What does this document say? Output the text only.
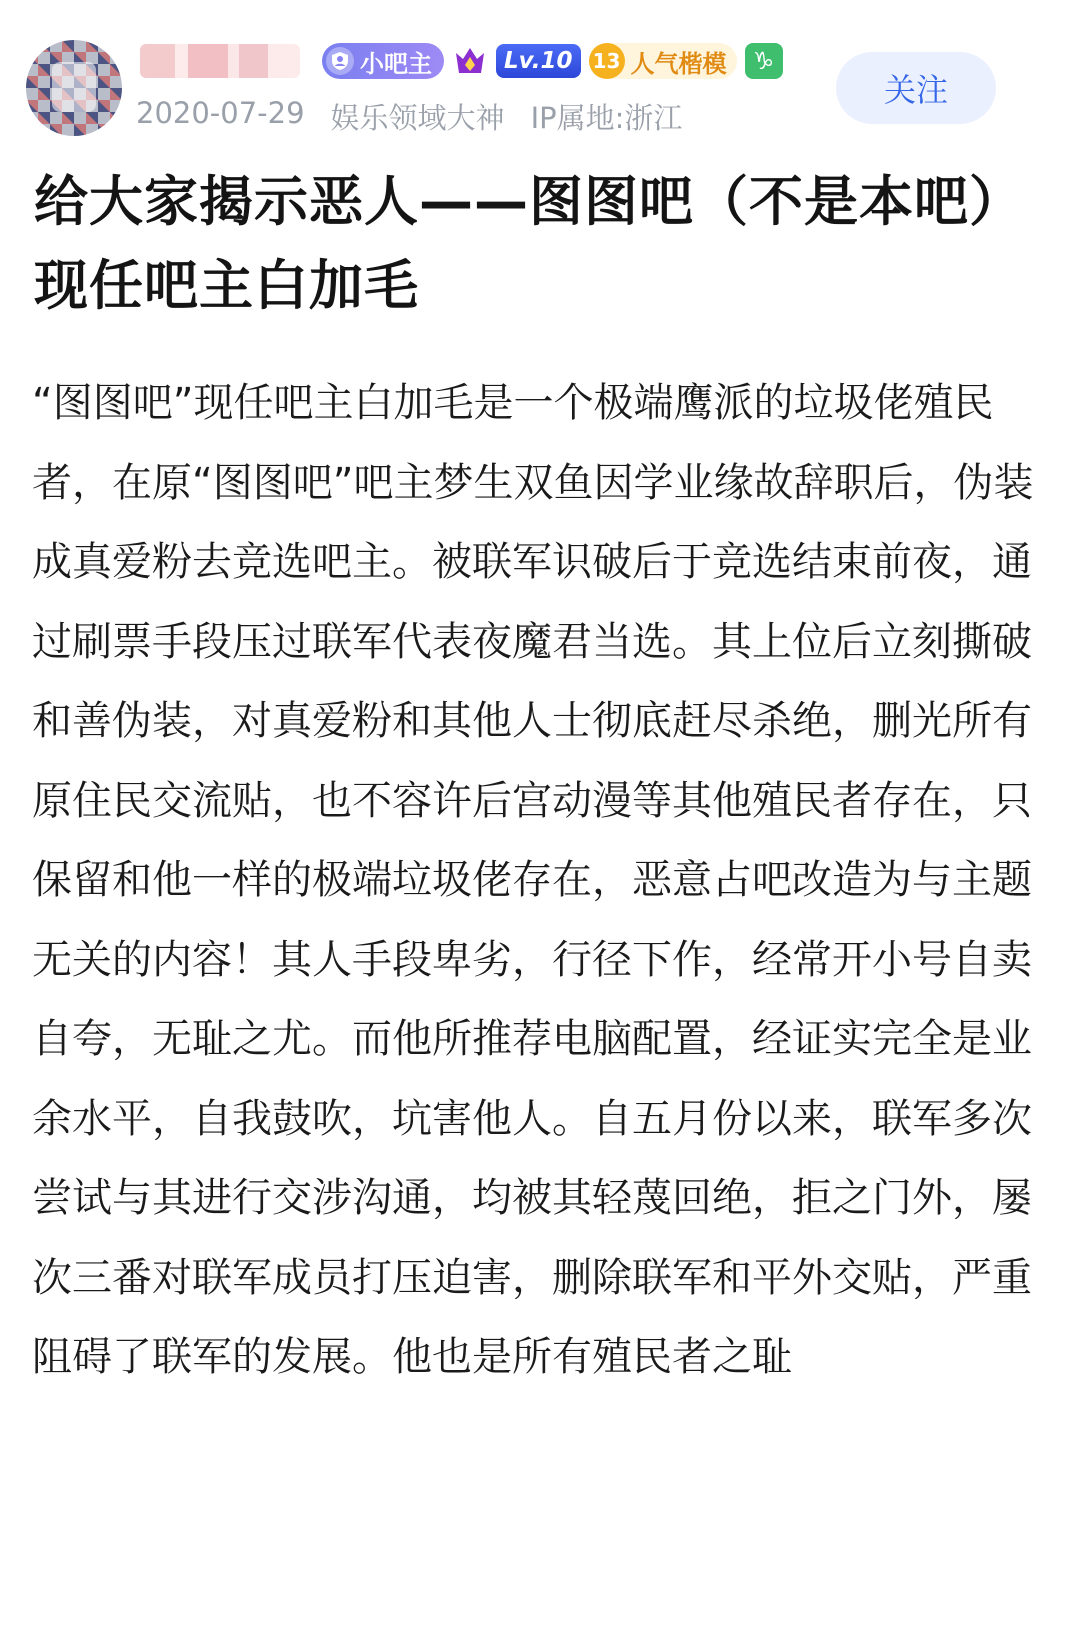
小吧主	Lv.10	13 人气楷模	♑
2020-07-29 娱乐领域大神 IP属地:浙江
关注
给大家揭示恶人——图图吧（不是本吧）现任吧主白加毛

“图图吧”现任吧主白加毛是一个极端鹰派的垃圾佬殖民者，在原“图图吧”吧主梦生双鱼因学业缘故辞职后，伪装成真爱粉去竞选吧主。被联军识破后于竞选结束前夜，通过刷票手段压过联军代表夜魔君当选。其上位后立刻撕破和善伪装，对真爱粉和其他人士彻底赶尽杀绝，删光所有原住民交流贴，也不容许后宫动漫等其他殖民者存在，只保留和他一样的极端垃圾佬存在，恶意占吧改造为与主题无关的内容！其人手段卑劣，行径下作，经常开小号自卖自夸，无耻之尤。而他所推荐电脑配置，经证实完全是业余水平，自我鼓吹，坑害他人。自五月份以来，联军多次尝试与其进行交涉沟通，均被其轻蔑回绝，拒之门外，屡次三番对联军成员打压迫害，删除联军和平外交贴，严重阻碍了联军的发展。他也是所有殖民者之耻
